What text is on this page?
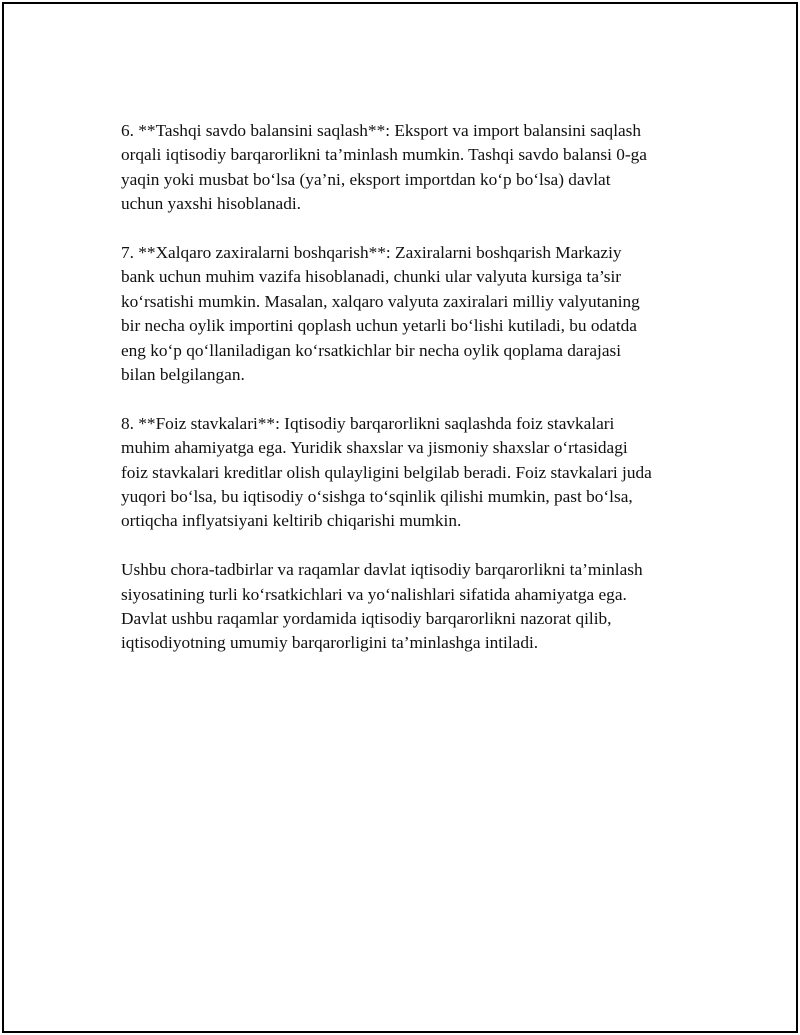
6. **Tashqi savdo balansini saqlash**: Eksport va import balansini saqlash
orqali iqtisodiy barqarorlikni ta’minlash mumkin. Tashqi savdo balansi 0-ga
yaqin yoki musbat bo‘lsa (ya’ni, eksport importdan ko‘p bo‘lsa) davlat
uchun yaxshi hisoblanadi.

7. **Xalqaro zaxiralarni boshqarish**: Zaxiralarni boshqarish Markaziy
bank uchun muhim vazifa hisoblanadi, chunki ular valyuta kursiga ta’sir
ko‘rsatishi mumkin. Masalan, xalqaro valyuta zaxiralari milliy valyutaning
bir necha oylik importini qoplash uchun yetarli bo‘lishi kutiladi, bu odatda
eng ko‘p qo‘llaniladigan ko‘rsatkichlar bir necha oylik qoplama darajasi
bilan belgilangan.

8. **Foiz stavkalari**: Iqtisodiy barqarorlikni saqlashda foiz stavkalari
muhim ahamiyatga ega. Yuridik shaxslar va jismoniy shaxslar o‘rtasidagi
foiz stavkalari kreditlar olish qulayligini belgilab beradi. Foiz stavkalari juda
yuqori bo‘lsa, bu iqtisodiy o‘sishga to‘sqinlik qilishi mumkin, past bo‘lsa,
ortiqcha inflyatsiyani keltirib chiqarishi mumkin.

Ushbu chora-tadbirlar va raqamlar davlat iqtisodiy barqarorlikni ta’minlash
siyosatining turli ko‘rsatkichlari va yo‘nalishlari sifatida ahamiyatga ega.
Davlat ushbu raqamlar yordamida iqtisodiy barqarorlikni nazorat qilib,
iqtisodiyotning umumiy barqarorligini ta’minlashga intiladi.
